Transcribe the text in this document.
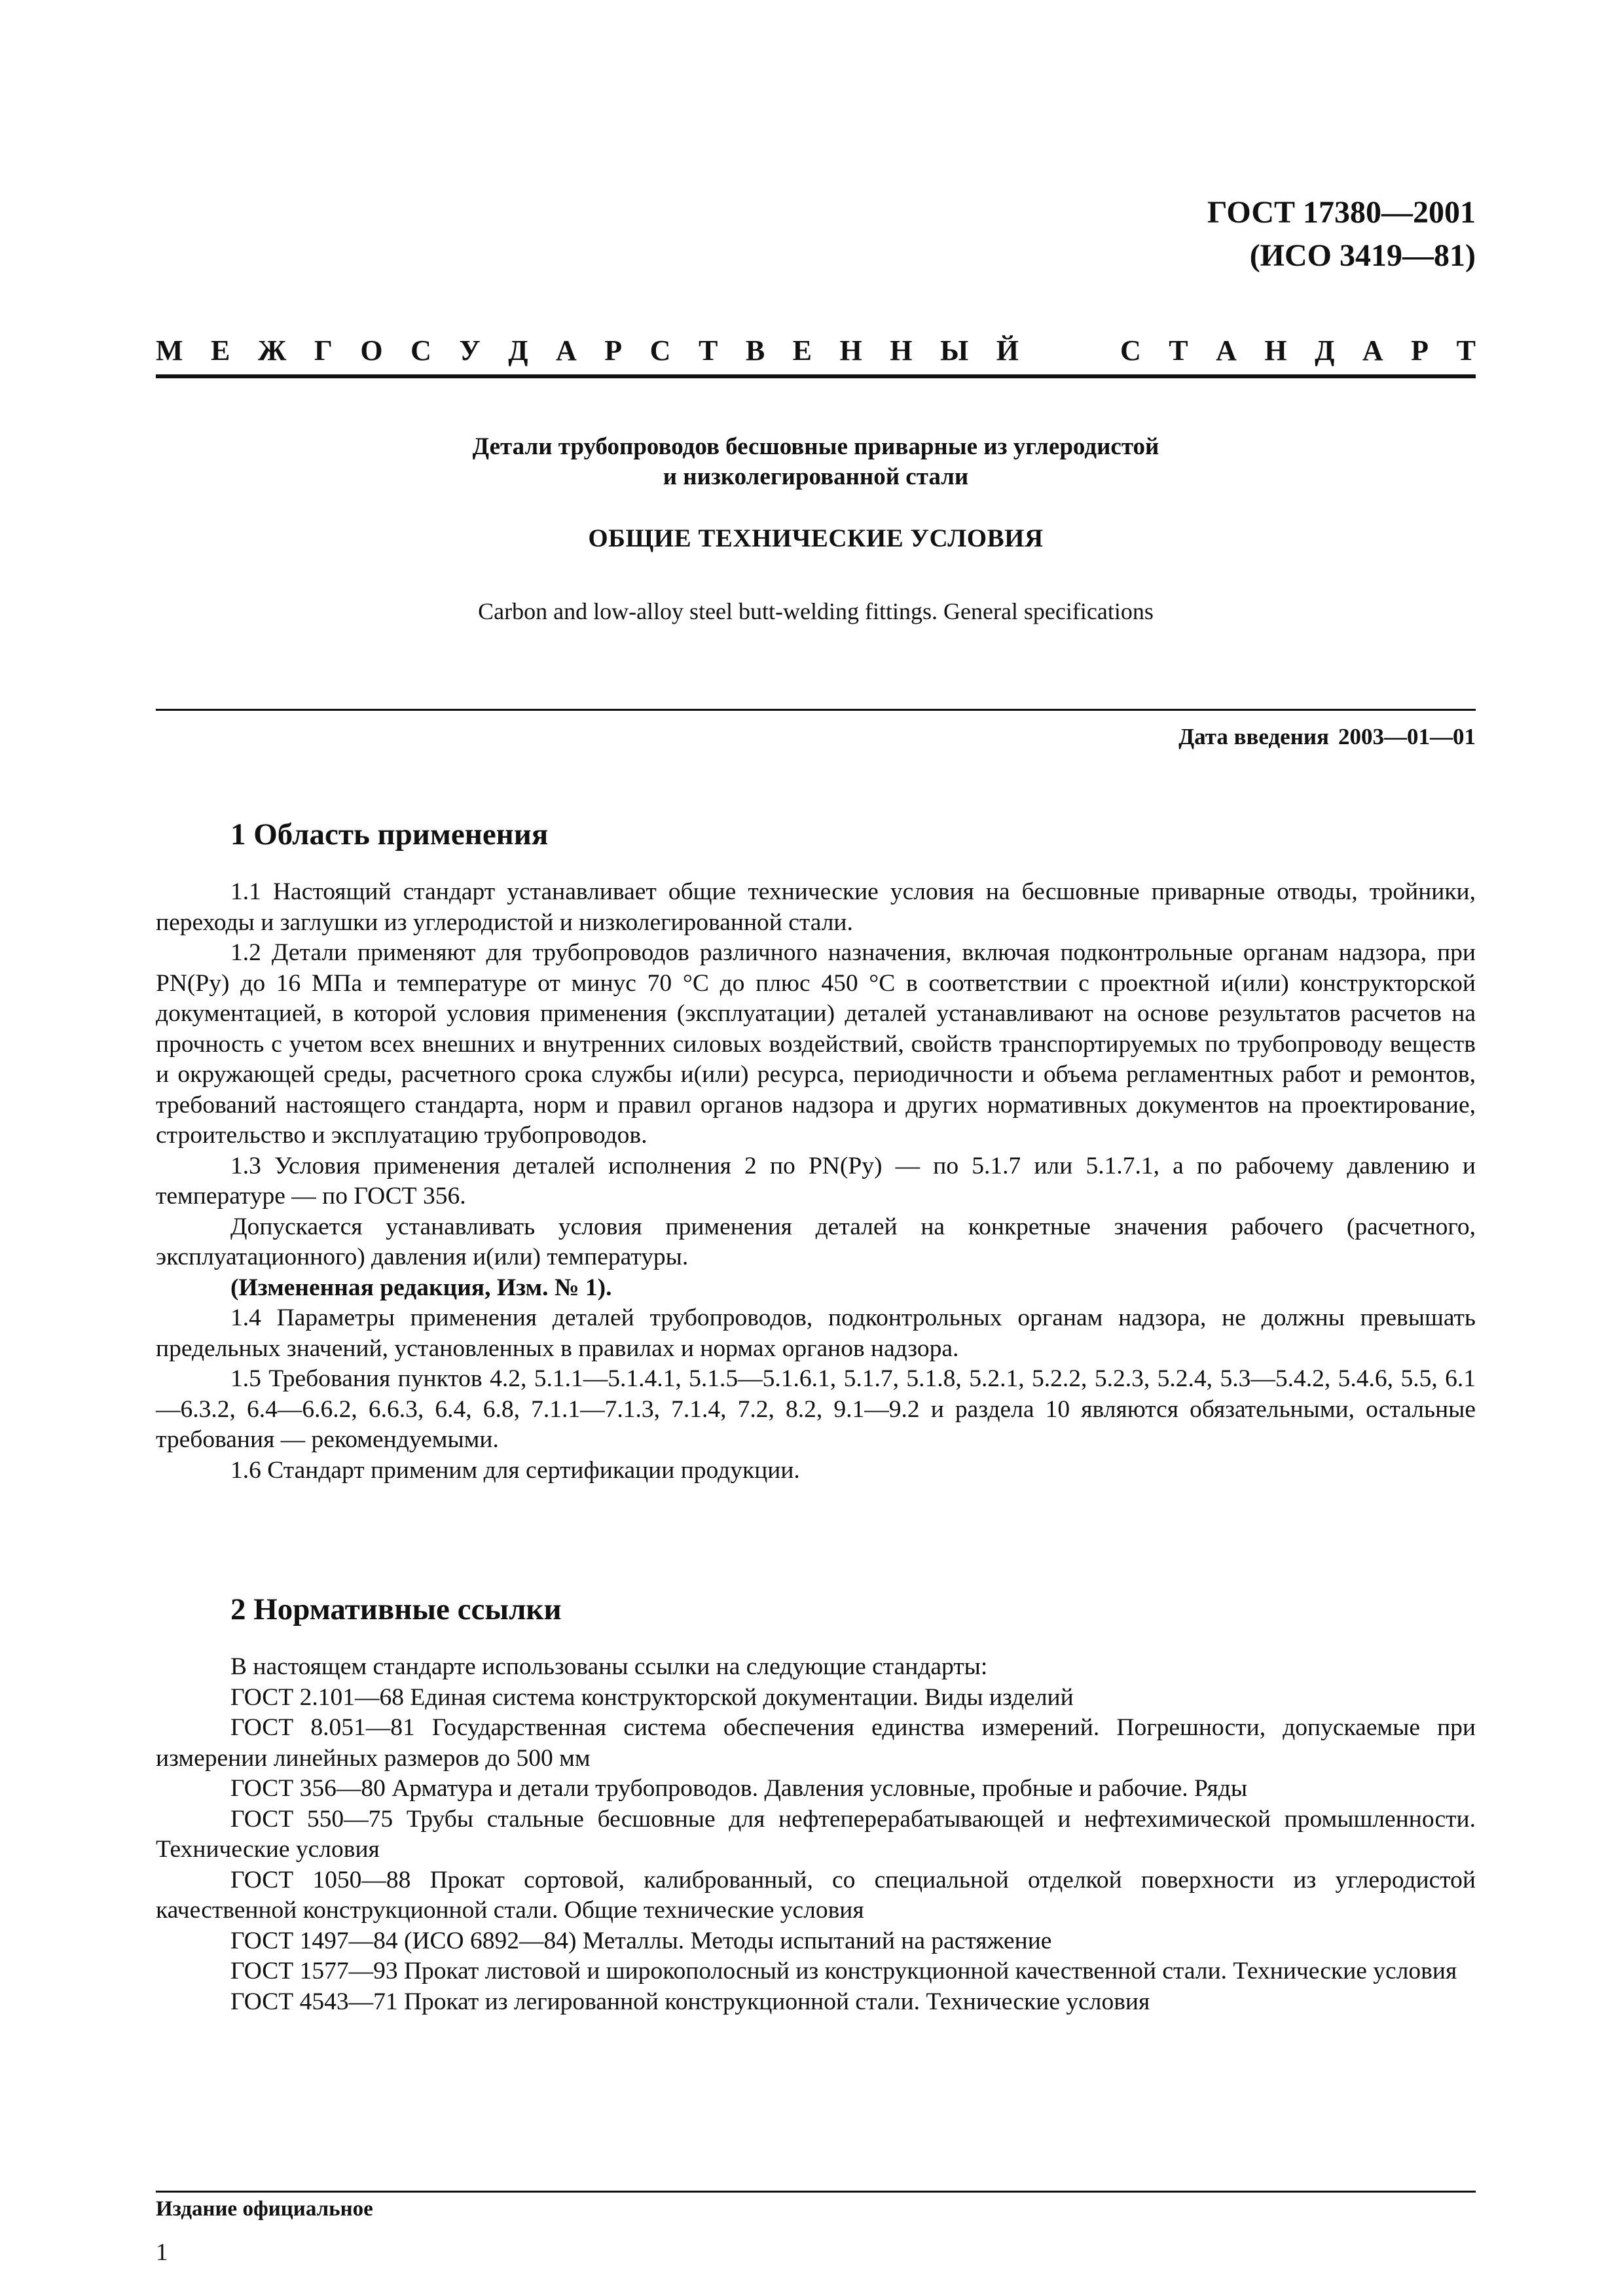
ГОСТ 17380—2001
(ИСО 3419—81)
М Е Ж Г О С У Д А Р С Т В Е Н Н Ы Й	С Т А Н Д А Р Т
Детали трубопроводов бесшовные приварные из углеродистой
и низколегированной стали
ОБЩИЕ ТЕХНИЧЕСКИЕ УСЛОВИЯ
Carbon and low-alloy steel butt-welding fittings. General specifications
Дата введения 2003—01—01
1 Область применения

1.1 Настоящий стандарт устанавливает общие технические условия на бесшовные приварные отводы, тройники, переходы и заглушки из углеродистой и низколегированной стали.

1.2 Детали применяют для трубопроводов различного назначения, включая подконтрольные органам надзора, при PN(Pу) до 16 МПа и температуре от минус 70 °С до плюс 450 °С в соответствии с проектной и(или) конструкторской документацией, в которой условия применения (эксплуатации) деталей устанавливают на основе результатов расчетов на прочность с учетом всех внешних и внутренних силовых воздействий, свойств транспортируемых по трубопроводу веществ и окружающей среды, расчетного срока службы и(или) ресурса, периодичности и объема регламентных работ и ремонтов, требований настоящего стандарта, норм и правил органов надзора и других нормативных документов на проектирование, строительство и эксплуатацию трубопроводов.

1.3 Условия применения деталей исполнения 2 по PN(Pу) — по 5.1.7 или 5.1.7.1, а по рабочему давлению и температуре — по ГОСТ 356.

Допускается устанавливать условия применения деталей на конкретные значения рабочего (расчетного, эксплуатационного) давления и(или) температуры.

(Измененная редакция, Изм. № 1).

1.4 Параметры применения деталей трубопроводов, подконтрольных органам надзора, не должны превышать предельных значений, установленных в правилах и нормах органов надзора.

1.5 Требования пунктов 4.2, 5.1.1—5.1.4.1, 5.1.5—5.1.6.1, 5.1.7, 5.1.8, 5.2.1, 5.2.2, 5.2.3, 5.2.4, 5.3—5.4.2, 5.4.6, 5.5, 6.1—6.3.2, 6.4—6.6.2, 6.6.3, 6.4, 6.8, 7.1.1—7.1.3, 7.1.4, 7.2, 8.2, 9.1—9.2 и раздела 10 являются обязательными, остальные требования — рекомендуемыми.

1.6 Стандарт применим для сертификации продукции.

2 Нормативные ссылки

В настоящем стандарте использованы ссылки на следующие стандарты:

ГОСТ 2.101—68 Единая система конструкторской документации. Виды изделий

ГОСТ 8.051—81 Государственная система обеспечения единства измерений. Погрешности, допускаемые при измерении линейных размеров до 500 мм

ГОСТ 356—80 Арматура и детали трубопроводов. Давления условные, пробные и рабочие. Ряды

ГОСТ 550—75 Трубы стальные бесшовные для нефтеперерабатывающей и нефтехимической промышленности. Технические условия

ГОСТ 1050—88 Прокат сортовой, калиброванный, со специальной отделкой поверхности из углеродистой качественной конструкционной стали. Общие технические условия

ГОСТ 1497—84 (ИСО 6892—84) Металлы. Методы испытаний на растяжение

ГОСТ 1577—93 Прокат листовой и широкополосный из конструкционной качественной стали. Технические условия

ГОСТ 4543—71 Прокат из легированной конструкционной стали. Технические условия

Издание официальное
1
